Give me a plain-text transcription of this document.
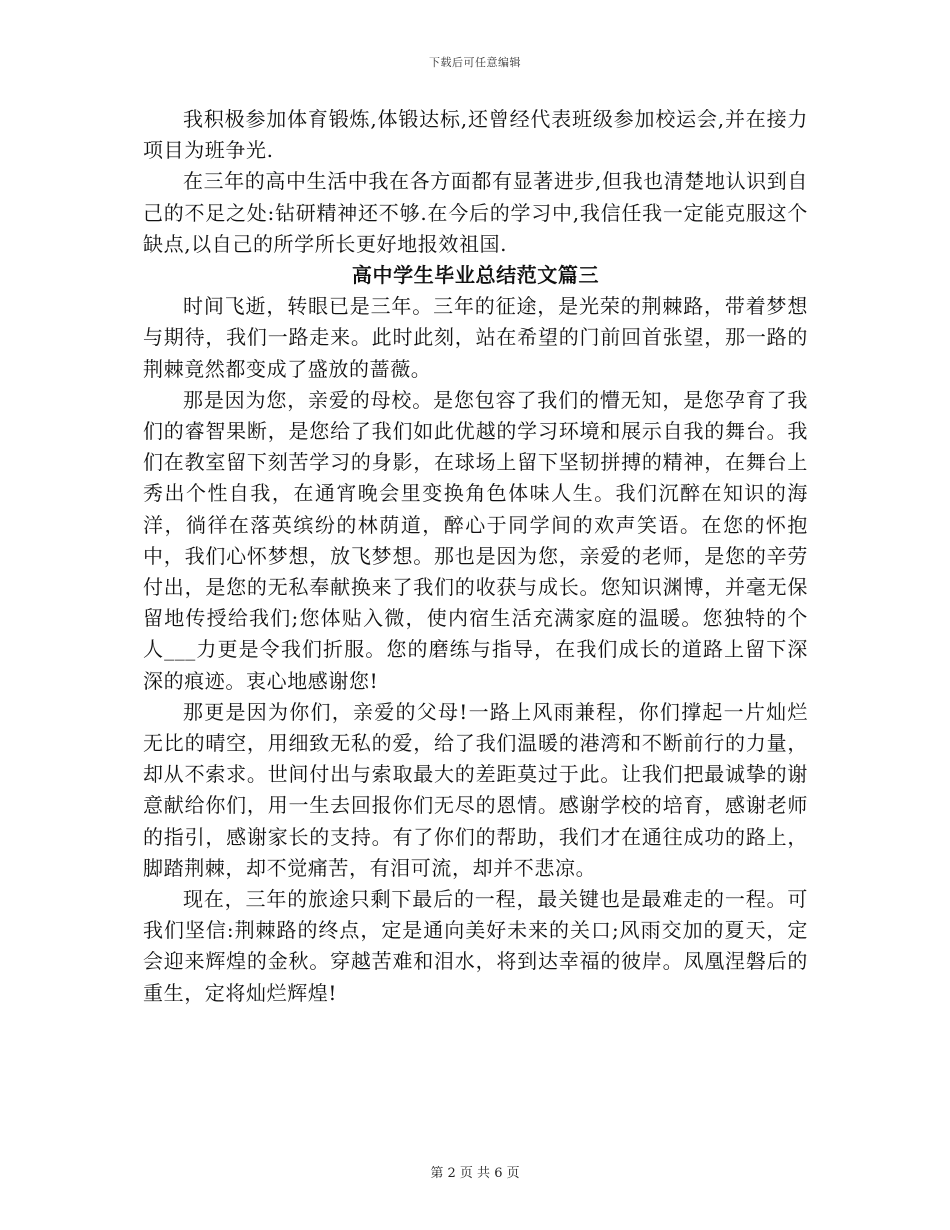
下载后可任意编辑

我积极参加体育锻炼,体锻达标,还曾经代表班级参加校运会,并在接力项目为班争光.

在三年的高中生活中我在各方面都有显著进步,但我也清楚地认识到自己的不足之处:钻研精神还不够.在今后的学习中,我信任我一定能克服这个缺点,以自己的所学所长更好地报效祖国.

高中学生毕业总结范文篇三

时间飞逝，转眼已是三年。三年的征途，是光荣的荆棘路，带着梦想与期待，我们一路走来。此时此刻，站在希望的门前回首张望，那一路的荆棘竟然都变成了盛放的蔷薇。

那是因为您，亲爱的母校。是您包容了我们的懵无知，是您孕育了我们的睿智果断，是您给了我们如此优越的学习环境和展示自我的舞台。我们在教室留下刻苦学习的身影，在球场上留下坚韧拼搏的精神，在舞台上秀出个性自我，在通宵晚会里变换角色体味人生。我们沉醉在知识的海洋，徜徉在落英缤纷的林荫道，醉心于同学间的欢声笑语。在您的怀抱中，我们心怀梦想，放飞梦想。那也是因为您，亲爱的老师，是您的辛劳付出，是您的无私奉献换来了我们的收获与成长。您知识渊博，并毫无保留地传授给我们;您体贴入微，使内宿生活充满家庭的温暖。您独特的个人___力更是令我们折服。您的磨练与指导，在我们成长的道路上留下深深的痕迹。衷心地感谢您!

那更是因为你们，亲爱的父母!一路上风雨兼程，你们撑起一片灿烂无比的晴空，用细致无私的爱，给了我们温暖的港湾和不断前行的力量，却从不索求。世间付出与索取最大的差距莫过于此。让我们把最诚挚的谢意献给你们，用一生去回报你们无尽的恩情。感谢学校的培育，感谢老师的指引，感谢家长的支持。有了你们的帮助，我们才在通往成功的路上，脚踏荆棘，却不觉痛苦，有泪可流，却并不悲凉。

现在，三年的旅途只剩下最后的一程，最关键也是最难走的一程。可我们坚信:荆棘路的终点，定是通向美好未来的关口;风雨交加的夏天，定会迎来辉煌的金秋。穿越苦难和泪水，将到达幸福的彼岸。凤凰涅磐后的重生，定将灿烂辉煌!

第 2 页 共 6 页
